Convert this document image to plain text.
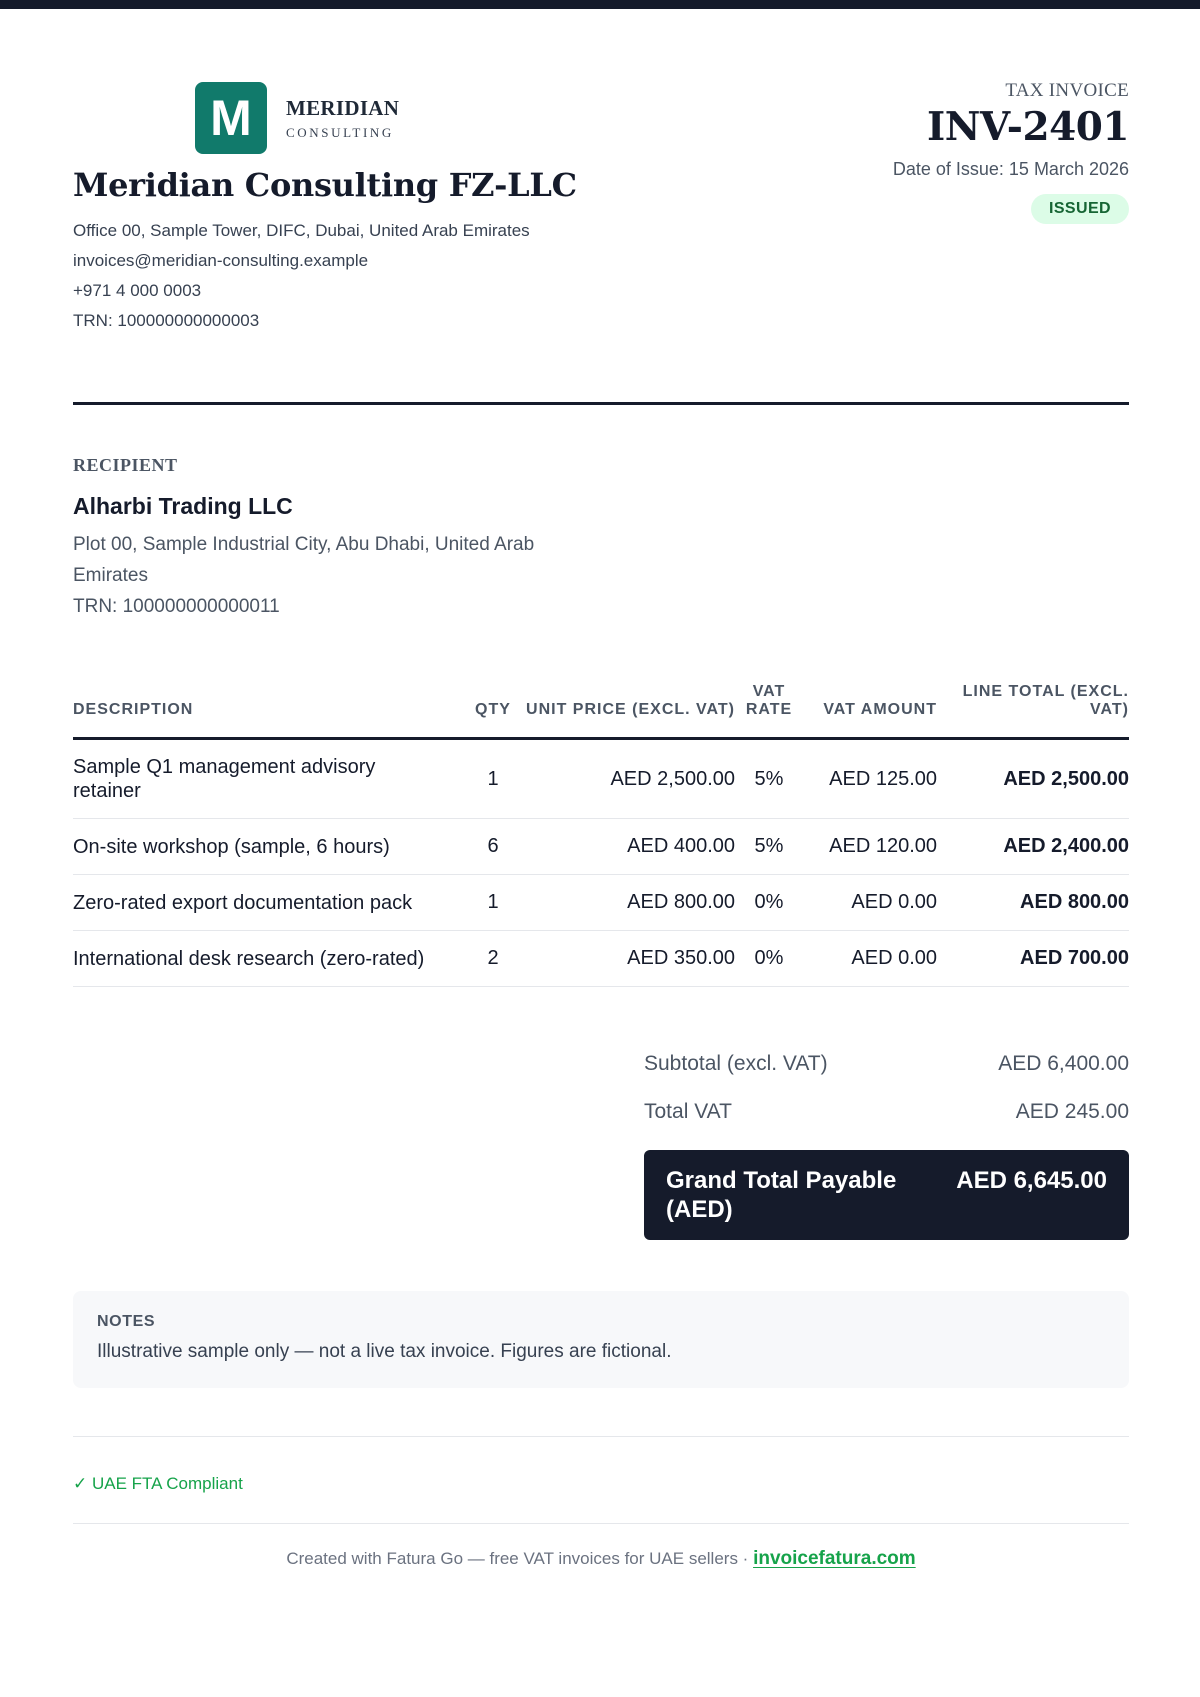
M	MERIDIAN
CONSULTING
Meridian Consulting FZ-LLC
Office 00, Sample Tower, DIFC, Dubai, United Arab Emirates
invoices@meridian-consulting.example
+971 4 000 0003
TRN: 100000000000003
TAX INVOICE
INV-2401
Date of Issue: 15 March 2026
ISSUED
RECIPIENT
Alharbi Trading LLC
Plot 00, Sample Industrial City, Abu Dhabi, United Arab Emirates
TRN: 100000000000011
DESCRIPTION	QTY	UNIT PRICE (EXCL. VAT)	VAT RATE	VAT AMOUNT	LINE TOTAL (EXCL. VAT)
Sample Q1 management advisory retainer	1	AED 2,500.00	5%	AED 125.00	AED 2,500.00
On-site workshop (sample, 6 hours)	6	AED 400.00	5%	AED 120.00	AED 2,400.00
Zero-rated export documentation pack	1	AED 800.00	0%	AED 0.00	AED 800.00
International desk research (zero-rated)	2	AED 350.00	0%	AED 0.00	AED 700.00
Subtotal (excl. VAT)	AED 6,400.00
Total VAT	AED 245.00
Grand Total Payable (AED)
AED 6,645.00
NOTES
Illustrative sample only — not a live tax invoice. Figures are fictional.
✓ UAE FTA Compliant
Created with Fatura Go — free VAT invoices for UAE sellers · invoicefatura.com
